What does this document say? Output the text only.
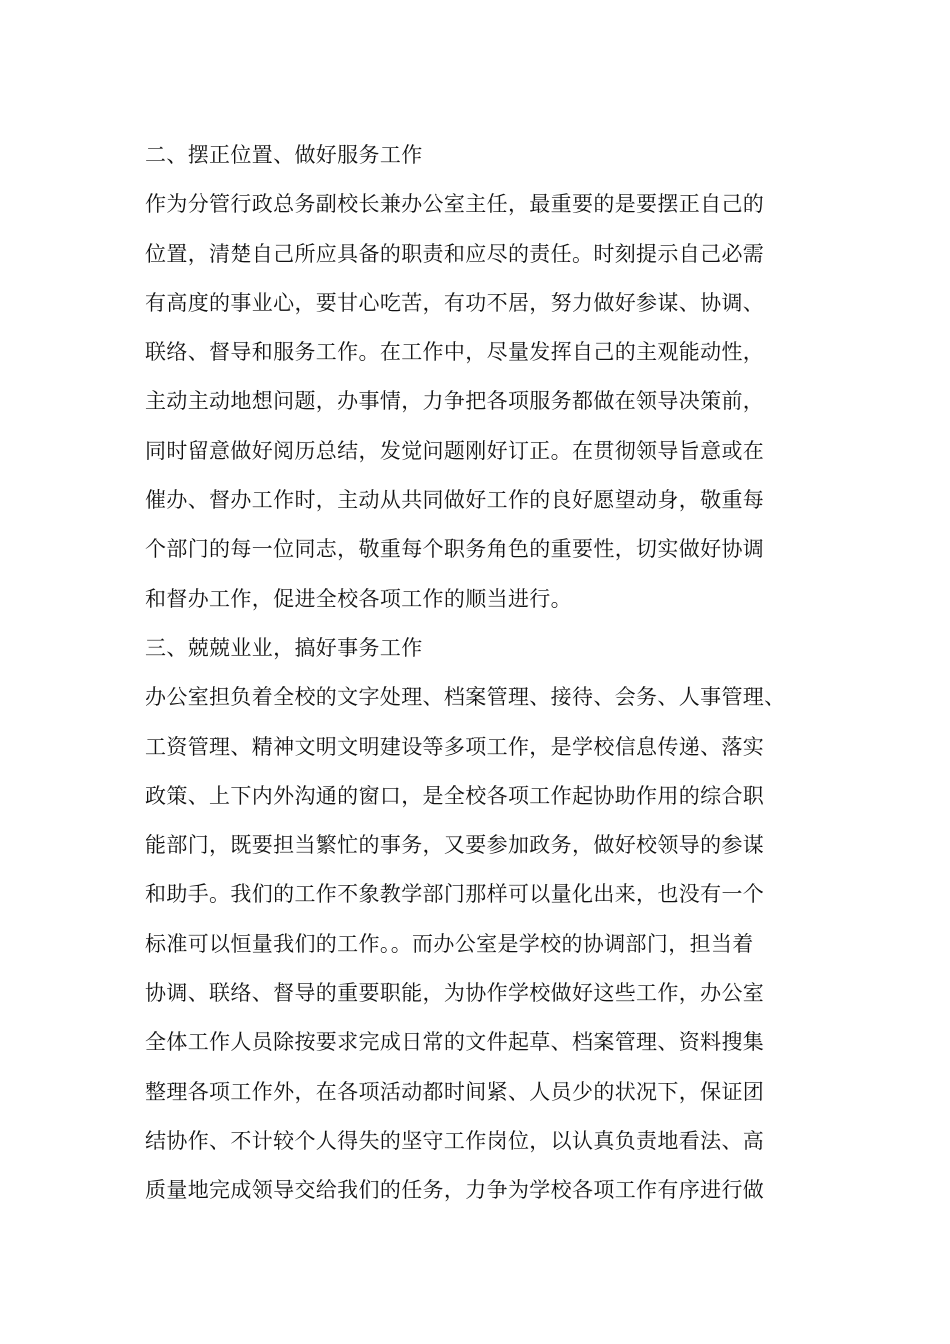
二、摆正位置、做好服务工作
作为分管行政总务副校长兼办公室主任，最重要的是要摆正自己的
位置，清楚自己所应具备的职责和应尽的责任。时刻提示自己必需
有高度的事业心，要甘心吃苦，有功不居，努力做好参谋、协调、
联络、督导和服务工作。在工作中，尽量发挥自己的主观能动性，
主动主动地想问题，办事情，力争把各项服务都做在领导决策前，
同时留意做好阅历总结，发觉问题刚好订正。在贯彻领导旨意或在
催办、督办工作时，主动从共同做好工作的良好愿望动身，敬重每
个部门的每一位同志，敬重每个职务角色的重要性，切实做好协调
和督办工作，促进全校各项工作的顺当进行。
三、兢兢业业，搞好事务工作
办公室担负着全校的文字处理、档案管理、接待、会务、人事管理、
工资管理、精神文明文明建设等多项工作，是学校信息传递、落实
政策、上下内外沟通的窗口，是全校各项工作起协助作用的综合职
能部门，既要担当繁忙的事务，又要参加政务，做好校领导的参谋
和助手。我们的工作不象教学部门那样可以量化出来，也没有一个
标准可以恒量我们的工作。。而办公室是学校的协调部门，担当着
协调、联络、督导的重要职能，为协作学校做好这些工作，办公室
全体工作人员除按要求完成日常的文件起草、档案管理、资料搜集
整理各项工作外，在各项活动都时间紧、人员少的状况下，保证团
结协作、不计较个人得失的坚守工作岗位，以认真负责地看法、高
质量地完成领导交给我们的任务，力争为学校各项工作有序进行做
